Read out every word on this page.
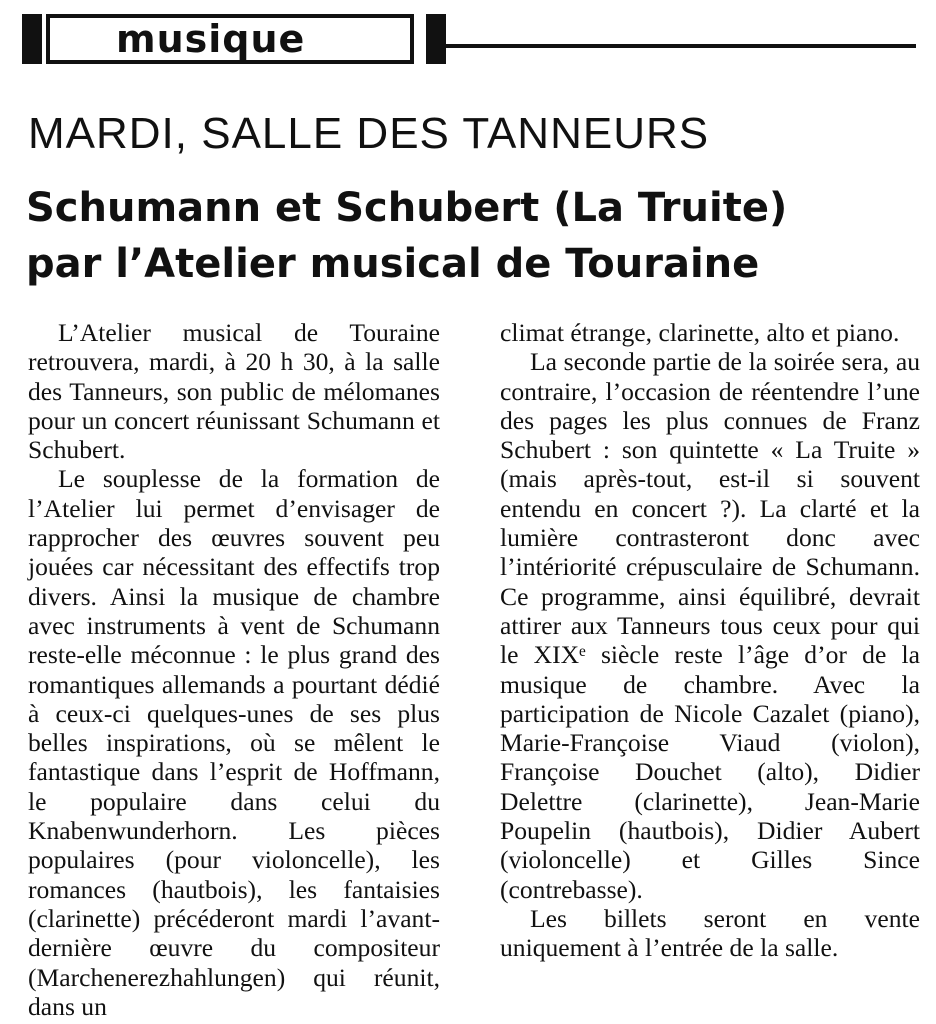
musique
MARDI, SALLE DES TANNEURS
Schumann et Schubert (La Truite)
par l’Atelier musical de Touraine

L’Atelier musical de Touraine retrouvera, mardi, à 20 h 30, à la salle des Tanneurs, son public de mélomanes pour un concert réunissant Schumann et Schubert.

Le souplesse de la formation de l’Atelier lui permet d’envisager de rapprocher des œuvres souvent peu jouées car nécessitant des effectifs trop divers. Ainsi la musique de chambre avec instruments à vent de Schumann reste-elle méconnue : le plus grand des romantiques allemands a pourtant dédié à ceux-ci quelques-unes de ses plus belles inspirations, où se mêlent le fantastique dans l’esprit de Hoffmann, le populaire dans celui du Knabenwunderhorn. Les pièces populaires (pour violoncelle), les romances (hautbois), les fantaisies (clarinette) précéderont mardi l’avant-dernière œuvre du compositeur (Marchenerezhahlungen) qui réunit, dans un

climat étrange, clarinette, alto et piano.

La seconde partie de la soirée sera, au contraire, l’occasion de réentendre l’une des pages les plus connues de Franz Schubert : son quintette « La Truite » (mais après-tout, est-il si souvent entendu en concert ?). La clarté et la lumière contrasteront donc avec l’intériorité crépusculaire de Schumann. Ce programme, ainsi équilibré, devrait attirer aux Tanneurs tous ceux pour qui le XIXᵉ siècle reste l’âge d’or de la musique de chambre. Avec la participation de Nicole Cazalet (piano), Marie-Françoise Viaud (violon), Françoise Douchet (alto), Didier Delettre (clarinette), Jean-Marie Poupelin (hautbois), Didier Aubert (violoncelle) et Gilles Since (contrebasse).

Les billets seront en vente uniquement à l’entrée de la salle.
